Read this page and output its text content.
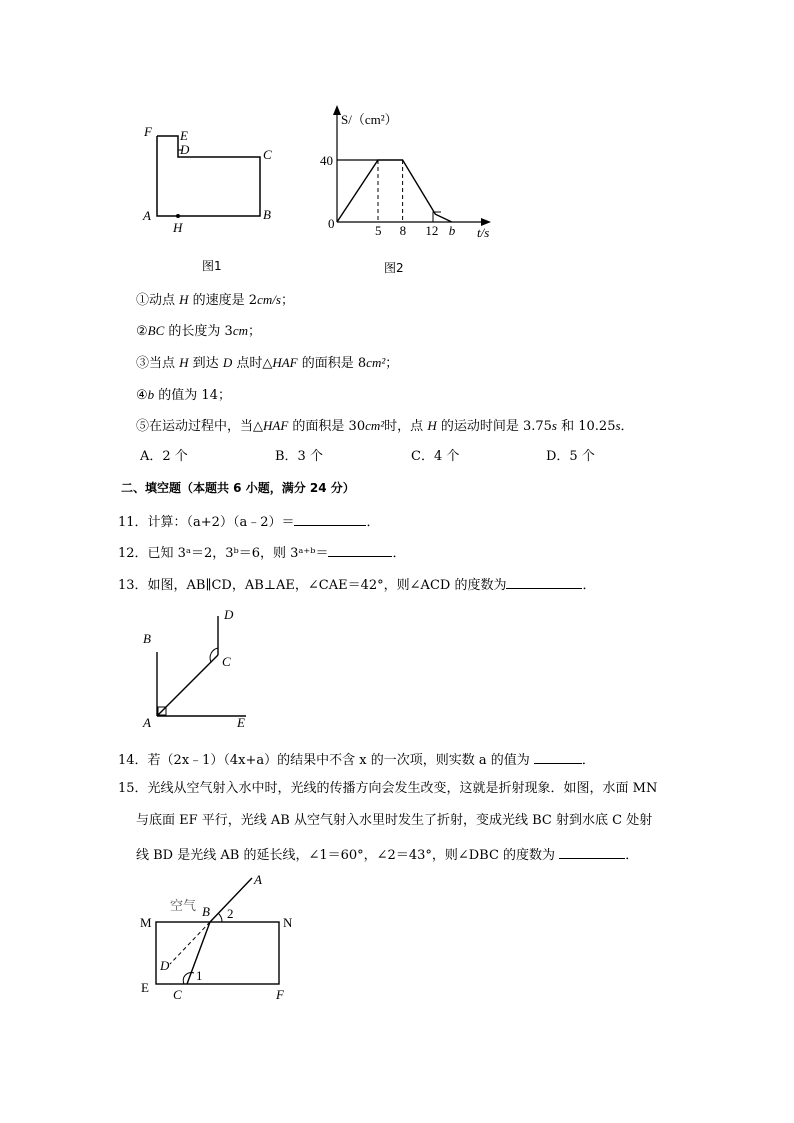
F E
D	C
A	B
H
图1
S/（cm²）
40
0	5 8 12 b t/s
图2
①动点 H 的速度是 2cm/s；
②BC 的长度为 3cm；
③当点 H 到达 D 点时△HAF 的面积是 8cm²；
④b 的值为 14；
⑤在运动过程中，当△HAF 的面积是 30cm²时，点 H 的运动时间是 3.75s 和 10.25s．
A．2 个	B．3 个	C．4 个	D．5 个
二、填空题（本题共 6 小题，满分 24 分）
11．计算：（a+2）（a﹣2）＝	．
12．已知 3ᵃ＝2，3ᵇ＝6，则 3ᵃ⁺ᵇ＝	．
13．如图，AB∥CD，AB⊥AE，∠CAE＝42°，则∠ACD 的度数为	．
B
D
C
A	E
14．若（2x﹣1）（4x+a）的结果中不含 x 的一次项，则实数 a 的值为	．
15．光线从空气射入水中时，光线的传播方向会发生改变，这就是折射现象．如图，水面 MN
与底面 EF 平行，光线 AB 从空气射入水里时发生了折射，变成光线 BC 射到水底 C 处射
线 BD 是光线 AB 的延长线，∠1＝60°，∠2＝43°，则∠DBC 的度数为	．
空气
A
M
B 2
N
D
1
E C	F
